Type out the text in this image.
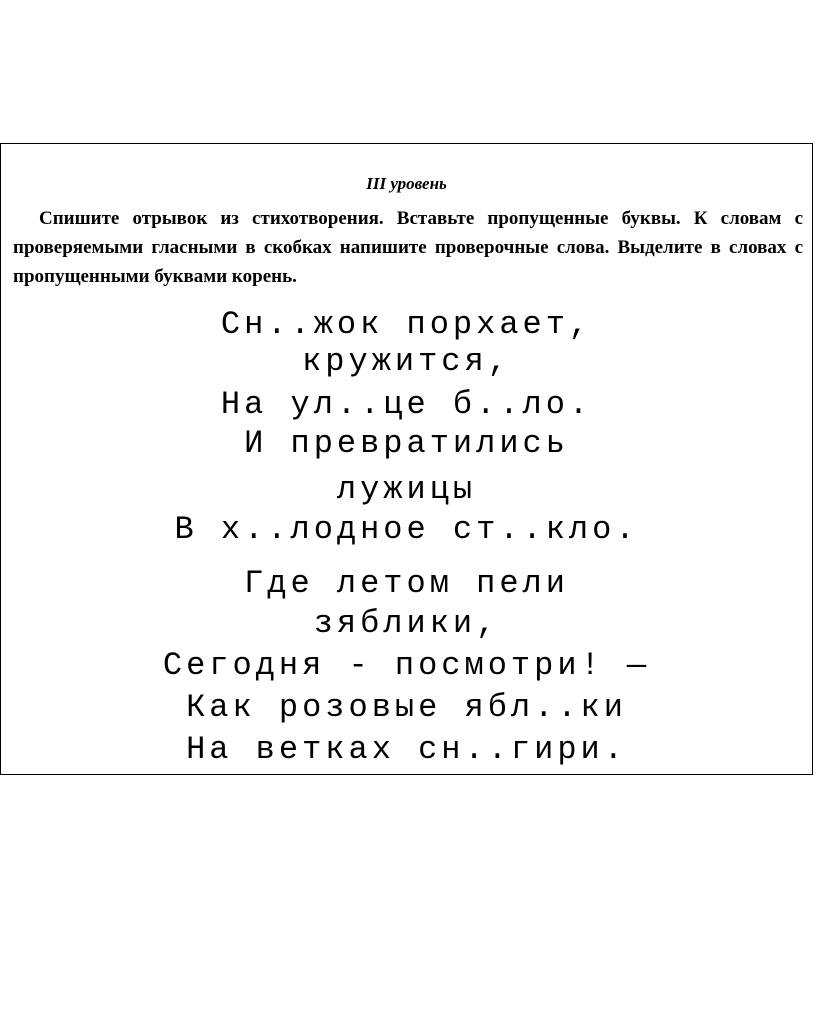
III уровень
Спишите отрывок из стихотворения. Вставьте пропущенные буквы. К словам с проверяемыми гласными в скобках напишите проверочные слова. Выделите в словах с пропущенными буквами корень.
Сн..жок порхает,
кружится,
На ул..це б..ло.
И превратились
лужицы
В х..лодное ст..кло.
Где летом пели
зяблики,
Сегодня - посмотри! —
Как розовые ябл..ки
На ветках сн..гири.
